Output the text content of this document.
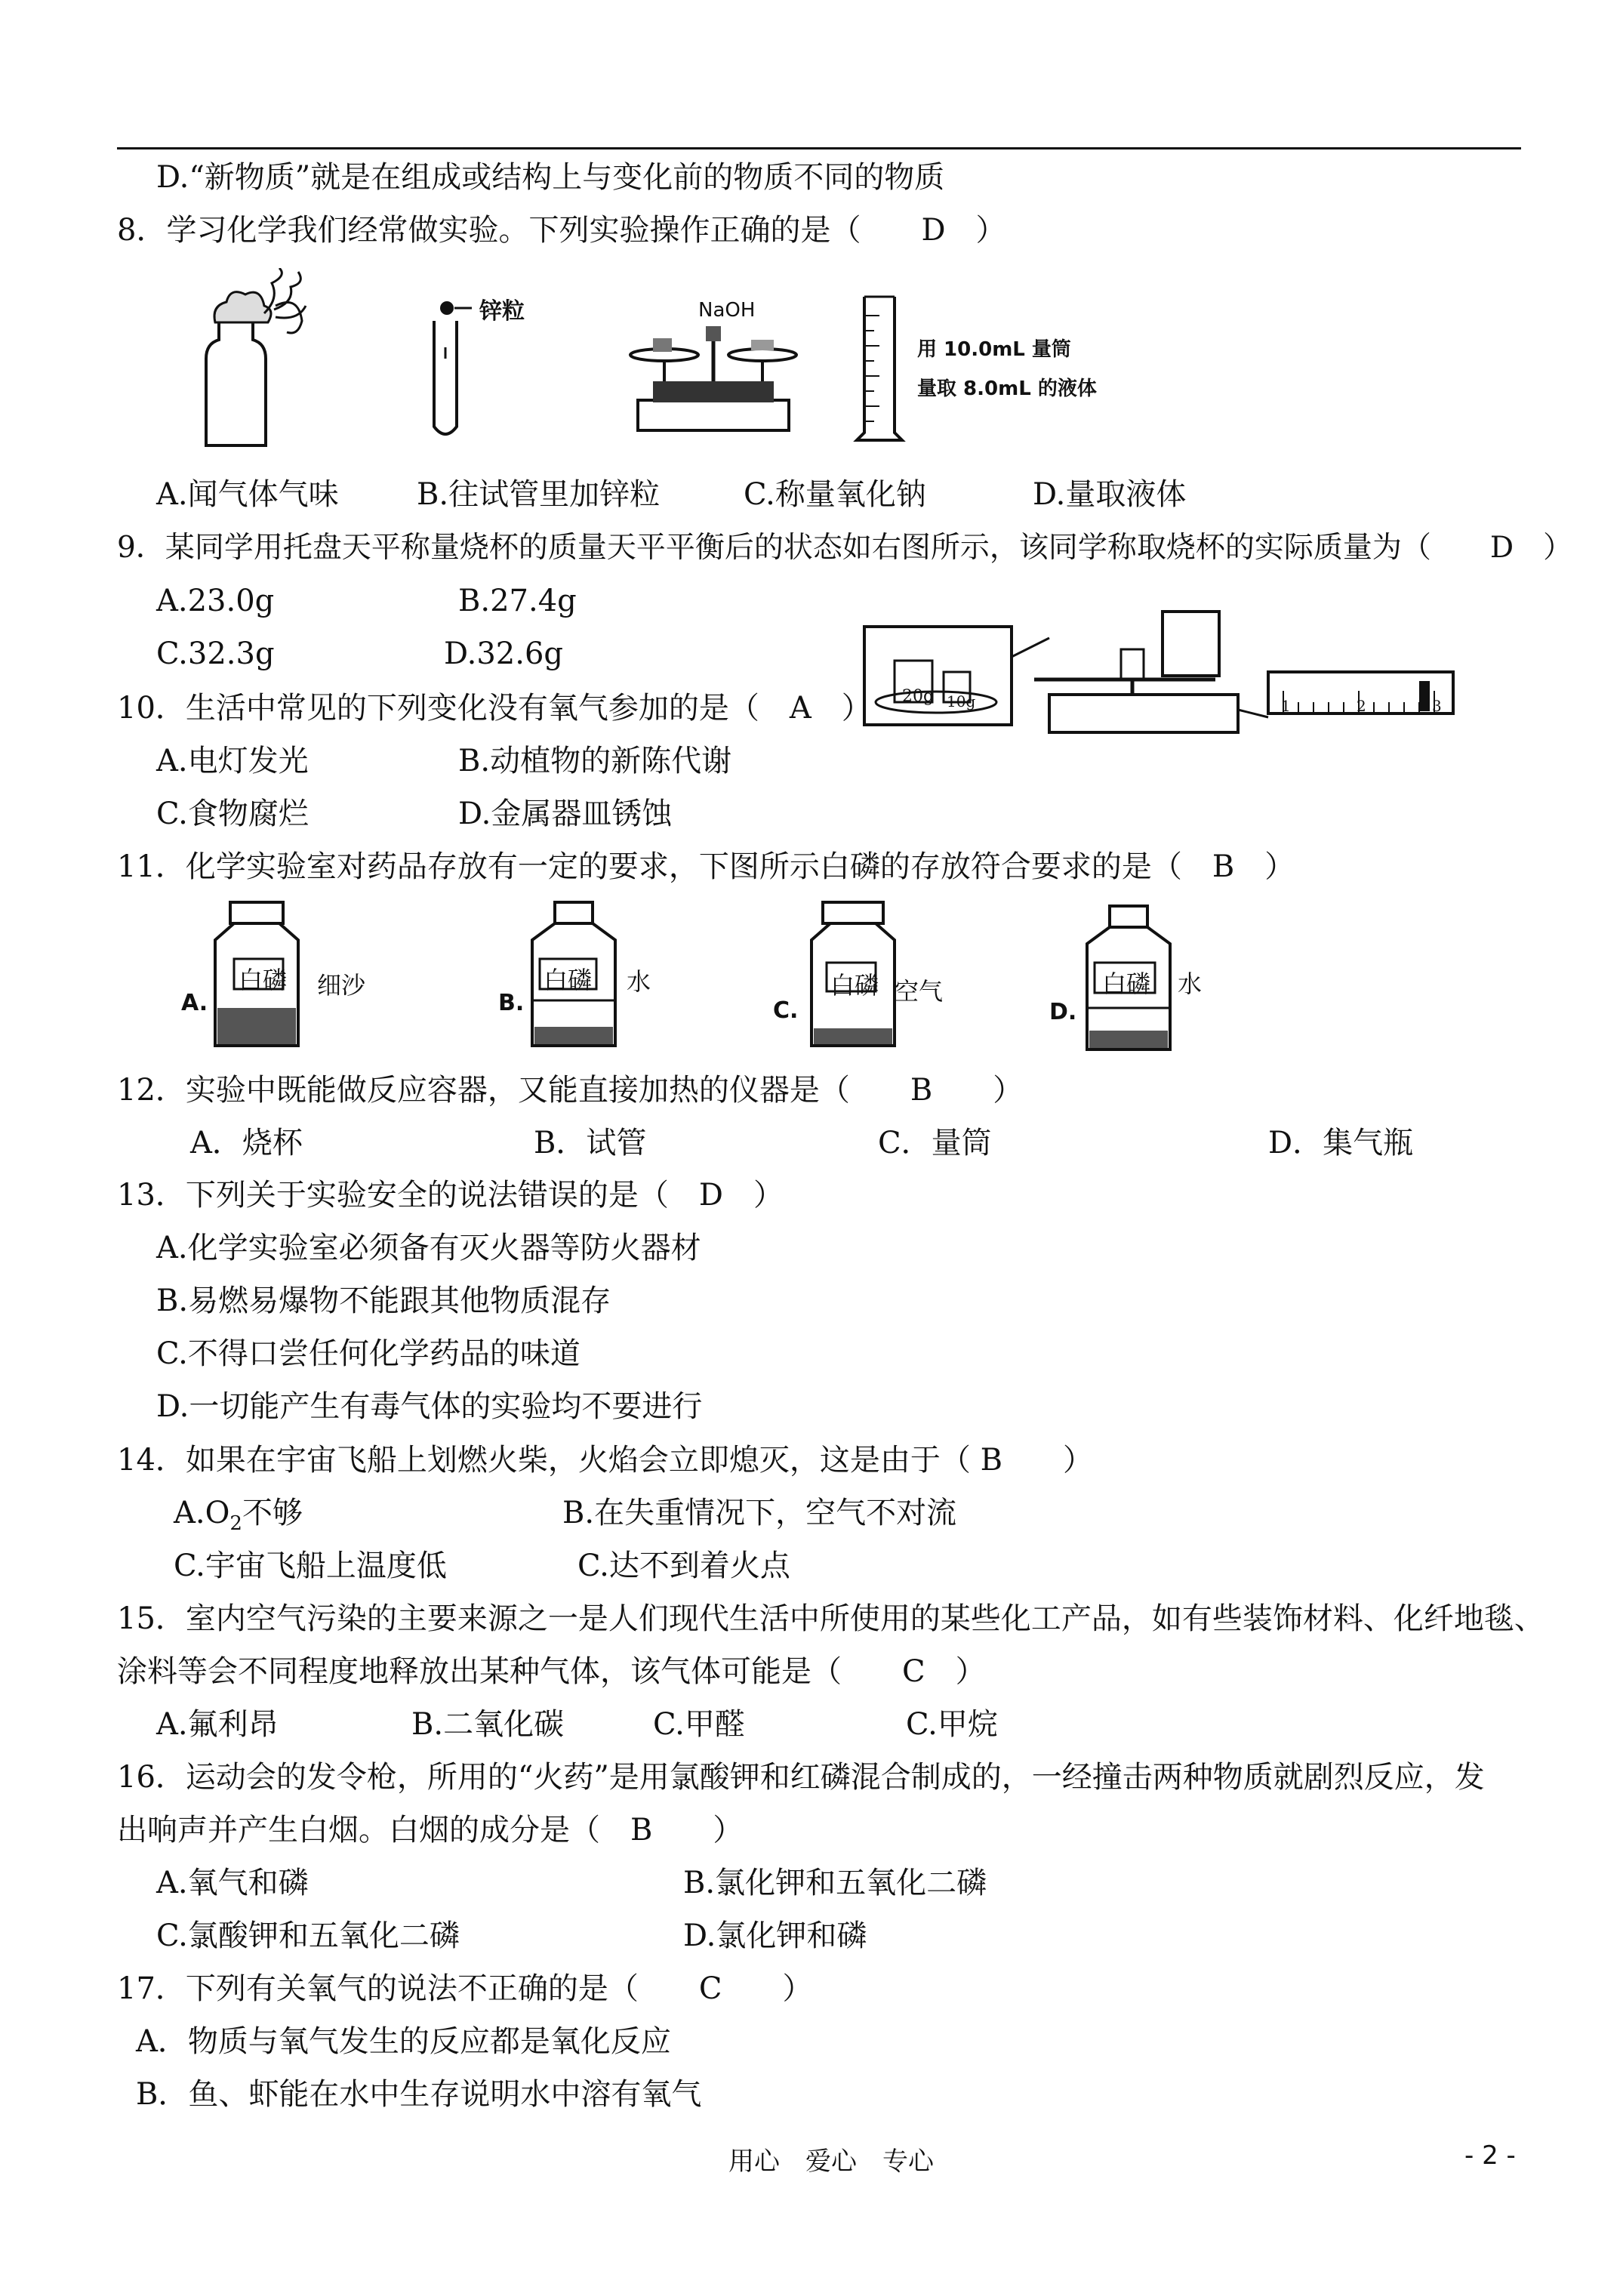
D.“新物质”就是在组成或结构上与变化前的物质不同的物质
8．学习化学我们经常做实验。下列实验操作正确的是（　　D　）
锌粒	NaOH
用 10.0mL 量筒
量取 8.0mL 的液体
A.闻气体气味	B.往试管里加锌粒	C.称量氧化钠	D.量取液体
9．某同学用托盘天平称量烧杯的质量天平平衡后的状态如右图所示，该同学称取烧杯的实际质量为（　　D　）
A.23.0g	B.27.4g
C.32.3g	D.32.6g
20g 10g	1	2	3
10．生活中常见的下列变化没有氧气参加的是（　A　）
A.电灯发光	B.动植物的新陈代谢
C.食物腐烂	D.金属器皿锈蚀
11．化学实验室对药品存放有一定的要求，下图所示白磷的存放符合要求的是（　B　）
A.
白磷 细沙
B.
白磷 水
C.
白磷 空气
D.
白磷 水
12．实验中既能做反应容器，又能直接加热的仪器是（　　B　　）
A．烧杯	B．试管	C．量筒	D．集气瓶
13．下列关于实验安全的说法错误的是（　D　）
A.化学实验室必须备有灭火器等防火器材
B.易燃易爆物不能跟其他物质混存
C.不得口尝任何化学药品的味道
D.一切能产生有毒气体的实验均不要进行
14．如果在宇宙飞船上划燃火柴，火焰会立即熄灭，这是由于（ B　　）
$A.O_2$不够	B.在失重情况下，空气不对流
C.宇宙飞船上温度低	C.达不到着火点
15．室内空气污染的主要来源之一是人们现代生活中所使用的某些化工产品，如有些装饰材料、化纤地毯、
涂料等会不同程度地释放出某种气体，该气体可能是（　　C　）
A.氟利昂	B.二氧化碳	C.甲醛	C.甲烷
16．运动会的发令枪，所用的“火药”是用氯酸钾和红磷混合制成的，一经撞击两种物质就剧烈反应，发
出响声并产生白烟。白烟的成分是（　B　　）
A.氧气和磷	B.氯化钾和五氧化二磷
C.氯酸钾和五氧化二磷	D.氯化钾和磷
17．下列有关氧气的说法不正确的是（　　C　　）
A．物质与氧气发生的反应都是氧化反应
B．鱼、虾能在水中生存说明水中溶有氧气
用心　爱心　专心	- 2 -
